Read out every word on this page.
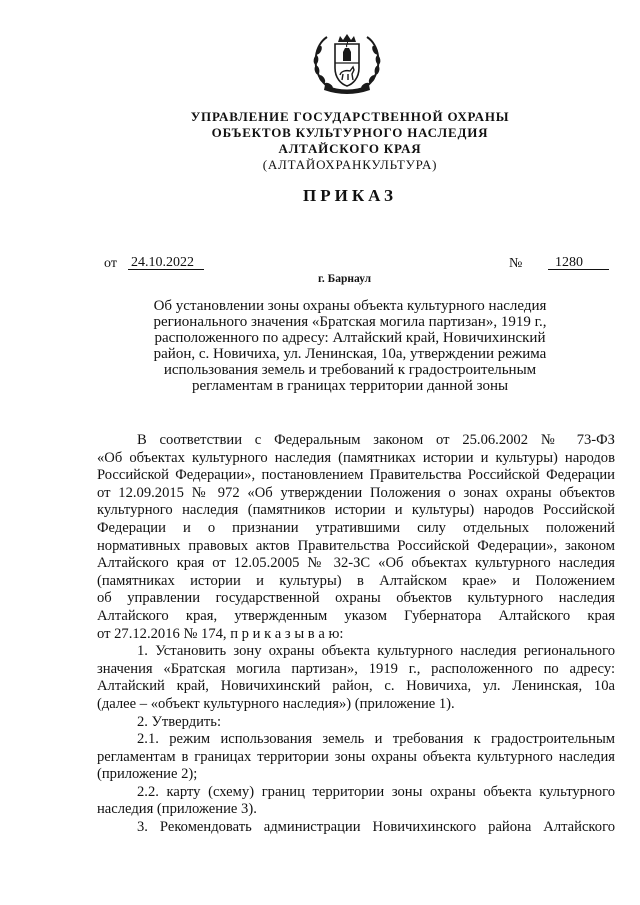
УПРАВЛЕНИЕ ГОСУДАРСТВЕННОЙ ОХРАНЫ
ОБЪЕКТОВ КУЛЬТУРНОГО НАСЛЕДИЯ
АЛТАЙСКОГО КРАЯ
(АЛТАЙОХРАНКУЛЬТУРА)
ПРИКАЗ
от 24.10.2022	№	1280
г. Барнаул
Об установлении зоны охраны объекта культурного наследия
регионального значения «Братская могила партизан», 1919 г.,
расположенного по адресу: Алтайский край, Новичихинский
район, с. Новичиха, ул. Ленинская, 10а, утверждении режима
использования земель и требований к градостроительным
регламентам в границах территории данной зоны
В соответствии с Федеральным законом от 25.06.2002 № 73-ФЗ
«Об объектах культурного наследия (памятниках истории и культуры) народов
Российской Федерации», постановлением Правительства Российской Федерации
от 12.09.2015 № 972 «Об утверждении Положения о зонах охраны объектов
культурного наследия (памятников истории и культуры) народов Российской
Федерации и о признании утратившими силу отдельных положений
нормативных правовых актов Правительства Российской Федерации», законом
Алтайского края от 12.05.2005 № 32-ЗС «Об объектах культурного наследия
(памятниках истории и культуры) в Алтайском крае» и Положением
об управлении государственной охраны объектов культурного наследия
Алтайского края, утвержденным указом Губернатора Алтайского края
от 27.12.2016 № 174, п р и к а з ы в а ю:
1. Установить зону охраны объекта культурного наследия регионального
значения «Братская могила партизан», 1919 г., расположенного по адресу:
Алтайский край, Новичихинский район, с. Новичиха, ул. Ленинская, 10а
(далее – «объект культурного наследия») (приложение 1).
2. Утвердить:
2.1. режим использования земель и требования к градостроительным
регламентам в границах территории зоны охраны объекта культурного наследия
(приложение 2);
2.2. карту (схему) границ территории зоны охраны объекта культурного
наследия (приложение 3).
3. Рекомендовать администрации Новичихинского района Алтайского
